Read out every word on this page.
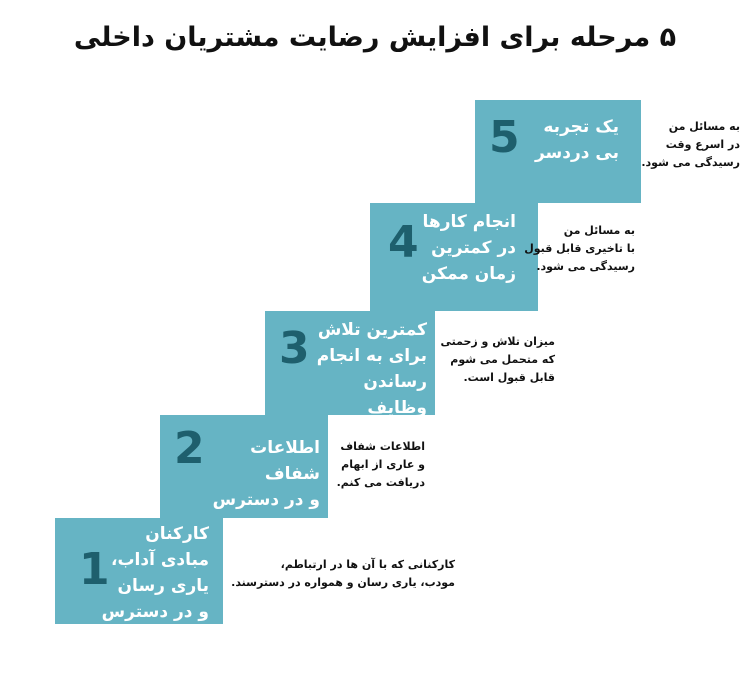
۵ مرحله برای افزایش رضایت مشتریان داخلی
1
کارکنان
مبادی آداب،
یاری رسان
و در دسترس
کارکنانی که با آن ها در ارتباطم،
مودب، یاری رسان و همواره در دسترسند.
2	اطلاعات شفاف
و در دسترس
اطلاعات شفاف
و عاری از ابهام
دریافت می کنم.
3	کمترین تلاش
برای به انجام
رساندن وظایف
میزان تلاش و زحمتی
که متحمل می شوم
قابل قبول است.
4	انجام کارها
در کمترین
زمان ممکن
به مسائل من
با تاخیری قابل قبول
رسیدگی می شود.
5	یک تجربه
بی دردسر
به مسائل من
در اسرع وقت
رسیدگی می شود.
